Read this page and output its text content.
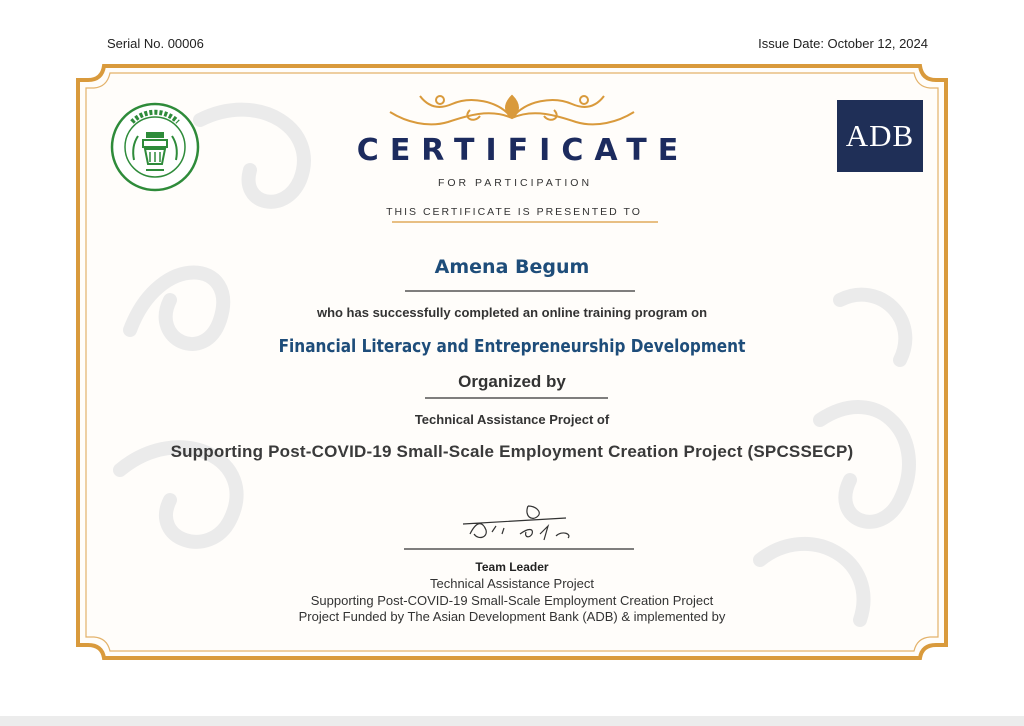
Serial No. 00006	Issue Date: October 12, 2024
ADB
CERTIFICATE
FOR PARTICIPATION
THIS CERTIFICATE IS PRESENTED TO
Amena Begum
who has successfully completed an online training program on
Financial Literacy and Entrepreneurship Development
Organized by
Technical Assistance Project of
Supporting Post-COVID-19 Small-Scale Employment Creation Project (SPCSSECP)
Team Leader
Technical Assistance Project
Supporting Post-COVID-19 Small-Scale Employment Creation Project
Project Funded by The Asian Development Bank (ADB) & implemented by
